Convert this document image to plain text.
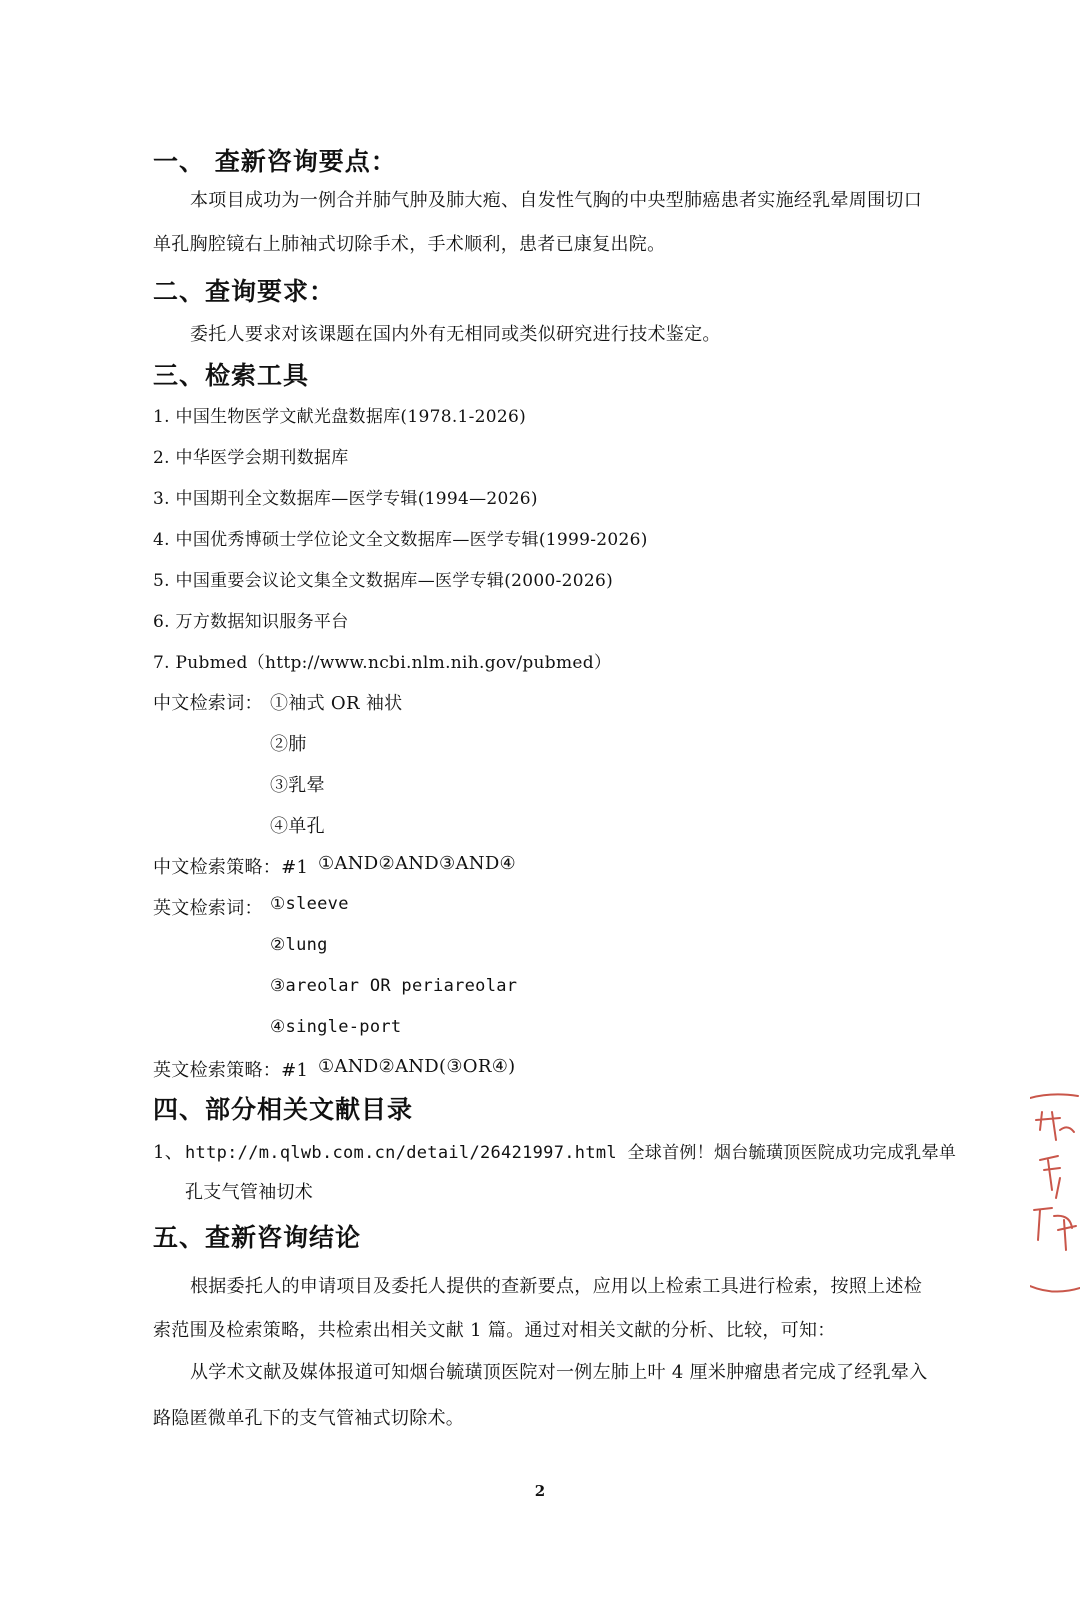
一、 查新咨询要点：
本项目成功为一例合并肺气肿及肺大疱、自发性气胸的中央型肺癌患者实施经乳晕周围切口
单孔胸腔镜右上肺袖式切除手术，手术顺利，患者已康复出院。
二、查询要求：
委托人要求对该课题在国内外有无相同或类似研究进行技术鉴定。
三、检索工具
1. 中国生物医学文献光盘数据库(1978.1-2026)
2. 中华医学会期刊数据库
3. 中国期刊全文数据库—医学专辑(1994—2026)
4. 中国优秀博硕士学位论文全文数据库—医学专辑(1999-2026)
5. 中国重要会议论文集全文数据库—医学专辑(2000-2026)
6. 万方数据知识服务平台
7. Pubmed（http://www.ncbi.nlm.nih.gov/pubmed）
中文检索词： ①袖式 OR 袖状
②肺
③乳晕
④单孔
中文检索策略：#1 ①AND②AND③AND④
英文检索词： ①sleeve
②lung
③areolar OR periareolar
④single-port
英文检索策略：#1 ①AND②AND(③OR④)
四、部分相关文献目录
1、 http://m.qlwb.com.cn/detail/26421997.html 全球首例！烟台毓璜顶医院成功完成乳晕单
孔支气管袖切术
五、查新咨询结论
根据委托人的申请项目及委托人提供的查新要点，应用以上检索工具进行检索，按照上述检
索范围及检索策略，共检索出相关文献 1 篇。通过对相关文献的分析、比较，可知：
从学术文献及媒体报道可知烟台毓璜顶医院对一例左肺上叶 4 厘米肿瘤患者完成了经乳晕入
路隐匿微单孔下的支气管袖式切除术。
2
